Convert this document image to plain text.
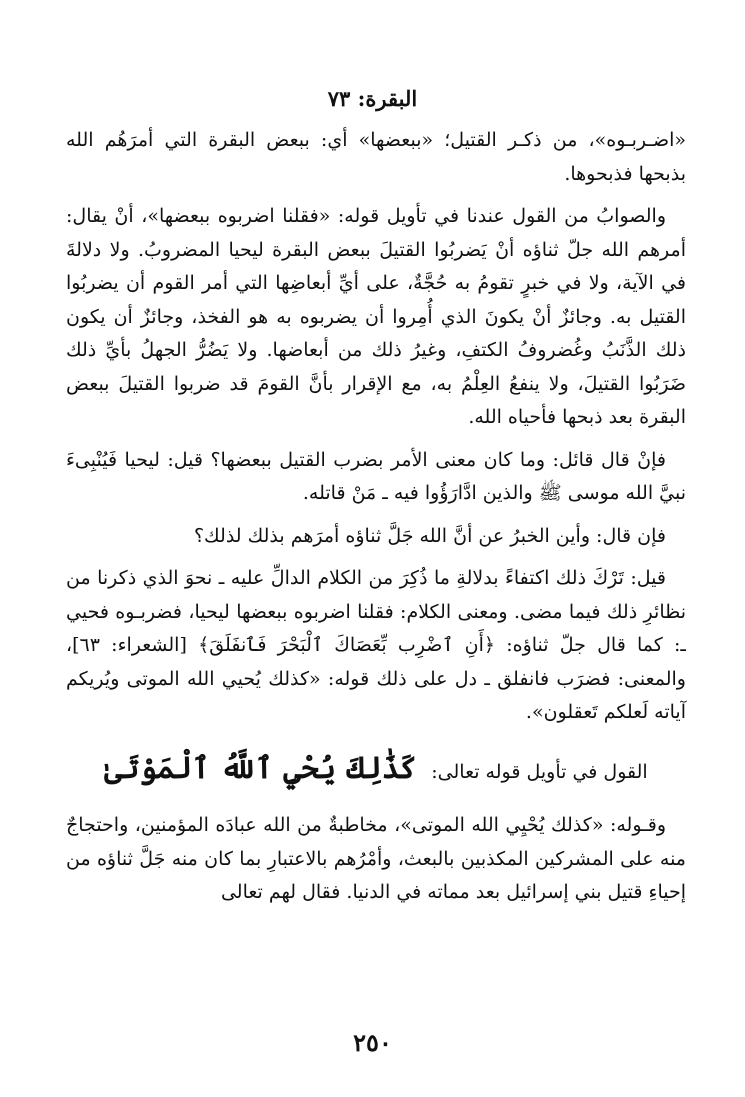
البقرة: ٧٣

«اضـربـوه»، من ذكـر القتيل؛ «ببعضها» أي: ببعض البقرة التي أمرَهُم الله بذبحها فذبحوها.

والصوابُ من القول عندنا في تأويل قوله: «فقلنا اضربوه ببعضها»، أنْ يقال: أمرهم الله جلّ ثناؤه أنْ يَضربُوا القتيلَ ببعض البقرة ليحيا المضروبُ. ولا دلالةَ في الآية، ولا في خبرٍ تقومُ به حُجَّةٌ، على أيِّ أبعاضِها التي أمر القوم أن يضربُوا القتيل به. وجائزٌ أنْ يكونَ الذي أُمِروا أن يضربوه به هو الفخذ، وجائزٌ أن يكون ذلك الذَّنَبُ وغُضروفُ الكتفِ، وغيرُ ذلك من أبعاضها. ولا يَضُرُّ الجهلُ بأيِّ ذلك ضَرَبُوا القتيلَ، ولا ينفعُ العِلْمُ به، مع الإقرار بأنَّ القومَ قد ضربوا القتيلَ ببعض البقرة بعد ذبحها فأحياه الله.

فإنْ قال قائل: وما كان معنى الأمر بضرب القتيل ببعضها؟ قيل: ليحيا فَيُنْبِىءَ نبيَّ الله موسى ﷺ والذين ادَّارَؤُوا فيه ـ مَنْ قاتله.

فإن قال: وأين الخبرُ عن أنَّ الله جَلَّ ثناؤه أمرَهم بذلك لذلك؟

قيل: تَرْكَ ذلك اكتفاءً بدلالةِ ما ذُكِرَ من الكلام الدالِّ عليه ـ نحوَ الذي ذكرنا من نظائرِ ذلك فيما مضى. ومعنى الكلام: فقلنا اضربوه ببعضها ليحيا، فضربـوه فحيي ـ: كما قال جلّ ثناؤه: ﴿أَنِ ٱضْرِب بِّعَصَاكَ ٱلْبَحْرَ فَٱنفَلَقَ﴾ [الشعراء: ٦٣]، والمعنى: فضرَب فانفلق ـ دل على ذلك قوله: «كذلك يُحيي الله الموتى ويُريكم آياته لَعلكم تَعقلون».

القول في تأويل قوله تعالى: كَذَٰلِكَ يُحْيِ ٱللَّهُ ٱلْمَوْتَىٰ

وقـوله: «كذلك يُحْيِي الله الموتى»، مخاطبةٌ من الله عبادَه المؤمنين، واحتجاجٌ منه على المشركين المكذبين بالبعث، وأمْرُهم بالاعتبارِ بما كان منه جَلَّ ثناؤه من إحياءِ قتيل بني إسرائيل بعد مماته في الدنيا. فقال لهم تعالى

٢٥٠
